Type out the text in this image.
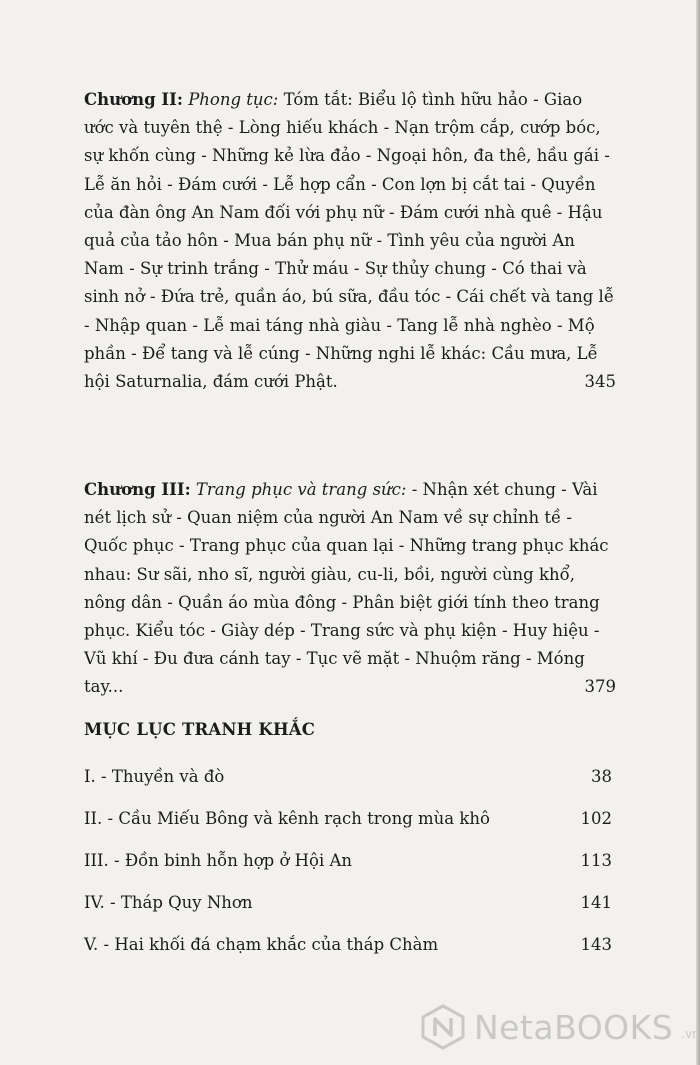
Chương II: Phong tục: Tóm tắt: Biểu lộ tình hữu hảo - Giao ước và tuyên thệ - Lòng hiếu khách - Nạn trộm cắp, cướp bóc, sự khốn cùng - Những kẻ lừa đảo - Ngoại hôn, đa thê, hầu gái - Lễ ăn hỏi - Đám cưới - Lễ hợp cẩn - Con lợn bị cắt tai - Quyền của đàn ông An Nam đối với phụ nữ - Đám cưới nhà quê - Hậu quả của tảo hôn - Mua bán phụ nữ - Tình yêu của người An Nam - Sự trinh trắng - Thử máu - Sự thủy chung - Có thai và sinh nở - Đứa trẻ, quần áo, bú sữa, đầu tóc - Cái chết và tang lễ - Nhập quan - Lễ mai táng nhà giàu - Tang lễ nhà nghèo - Mộ phần - Để tang và lễ cúng - Những nghi lễ khác: Cầu mưa, Lễ hội Saturnalia, đám cưới Phật.	345

Chương III: Trang phục và trang sức: - Nhận xét chung - Vài nét lịch sử - Quan niệm của người An Nam về sự chỉnh tề - Quốc phục - Trang phục của quan lại - Những trang phục khác nhau: Sư sãi, nho sĩ, người giàu, cu-li, bồi, người cùng khổ, nông dân - Quần áo mùa đông - Phân biệt giới tính theo trang phục. Kiểu tóc - Giày dép - Trang sức và phụ kiện - Huy hiệu - Vũ khí - Đu đưa cánh tay - Tục vẽ mặt - Nhuộm răng - Móng tay...	379

MỤC LỤC TRANH KHẮC
I. - Thuyền và đò	38
II. - Cầu Miếu Bông và kênh rạch trong mùa khô	102
III. - Đồn binh hỗn hợp ở Hội An	113
IV. - Tháp Quy Nhơn	141
V. - Hai khối đá chạm khắc của tháp Chàm	143
NetaBOOKS .vn
